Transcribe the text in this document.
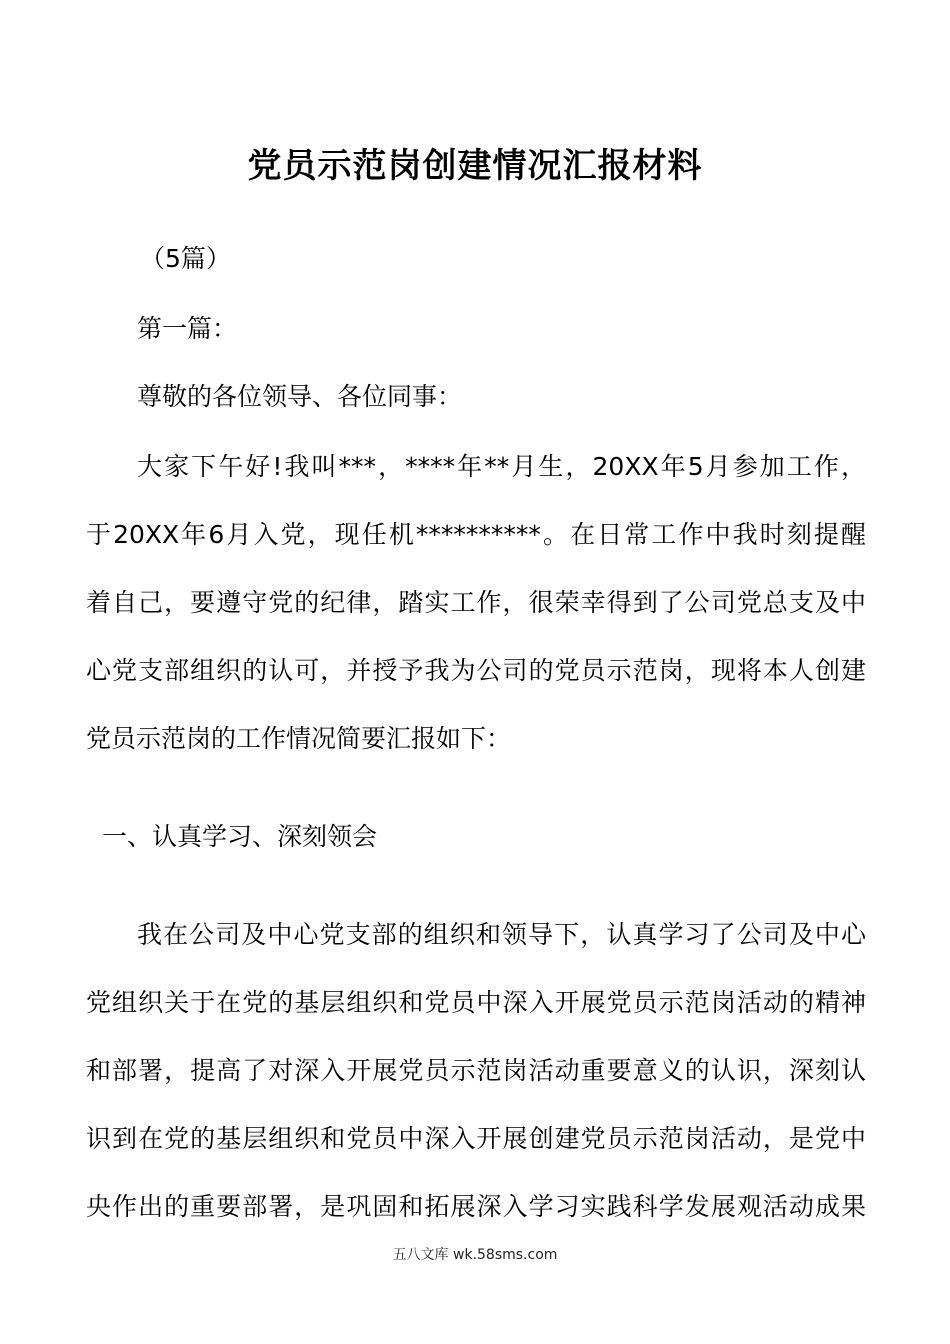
党员示范岗创建情况汇报材料
（5篇）
第一篇：
尊敬的各位领导、各位同事：
大家下午好!我叫***，****年**月生，20XX年5月参加工作，
于20XX年6月入党，现任机**********。在日常工作中我时刻提醒
着自己，要遵守党的纪律，踏实工作，很荣幸得到了公司党总支及中
心党支部组织的认可，并授予我为公司的党员示范岗，现将本人创建
党员示范岗的工作情况简要汇报如下：
一、认真学习、深刻领会
我在公司及中心党支部的组织和领导下，认真学习了公司及中心
党组织关于在党的基层组织和党员中深入开展党员示范岗活动的精神
和部署，提高了对深入开展党员示范岗活动重要意义的认识，深刻认
识到在党的基层组织和党员中深入开展创建党员示范岗活动，是党中
央作出的重要部署，是巩固和拓展深入学习实践科学发展观活动成果
五八文库 wk.58sms.com
